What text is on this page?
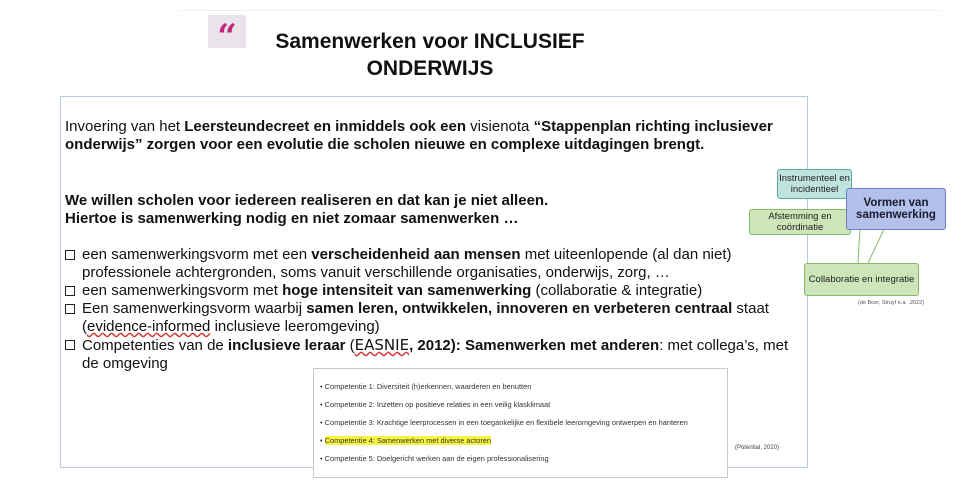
“	Samenwerken voor INCLUSIEF
ONDERWIJS

Invoering van het Leersteundecreet en inmiddels ook een visienota “Stappenplan richting inclusiever onderwijs” zorgen voor een evolutie die scholen nieuwe en complexe uitdagingen brengt.

We willen scholen voor iedereen realiseren en dat kan je niet alleen.
Hiertoe is samenwerking nodig en niet zomaar samenwerken …

een samenwerkingsvorm met een verscheidenheid aan mensen met uiteenlopende (al dan niet) professionele achtergronden, soms vanuit verschillende organisaties, onderwijs, zorg, …
een samenwerkingsvorm met hoge intensiteit van samenwerking (collaboratie & integratie)
Een samenwerkingsvorm waarbij samen leren, ontwikkelen, innoveren en verbeteren centraal staat (evidence-informed inclusieve leeromgeving)
Competenties van de inclusieve leraar (EASNIE, 2012): Samenwerken met anderen: met collega’s, met de omgeving
• Competentie 1: Diversiteit (h)erkennen, waarderen en benutten
• Competentie 2: Inzetten op positieve relaties in een veilig klasklimaat
• Competentie 3: Krachtige leerprocessen in een toegankelijke en flexibele leeromgeving ontwerpen en hanteren
• Competentie 4: Samenwerken met diverse actoren
• Competentie 5: Doelgericht werken aan de eigen professionalisering
(Potential, 2020)
Instrumenteel en incidentieel
Afstemming en coördinatie
Vormen van samenwerking
Collaboratie en integratie
(de Boer, Struyf e.a. ,2022)
